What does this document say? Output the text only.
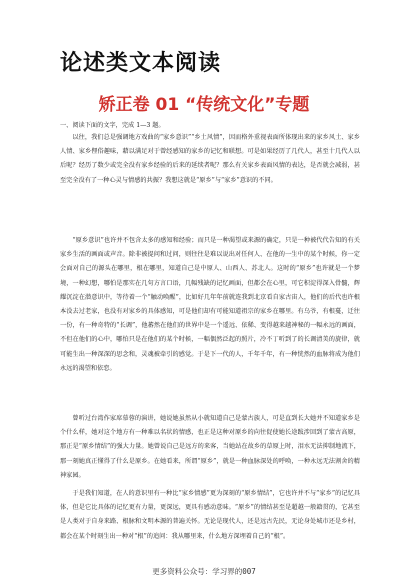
论述类文本阅读
矫正卷 01 “传统文化”专题
一、阅读下面的文字，完成 1—3 题。

以往，我们总是强调地方戏曲的“家乡意识”“乡土风情”，因而格外重视表面所体现出来的家乡风土、家乡人情、家乡俚俗趣味，藉以满足对于曾经感知的家乡的记忆和联想。可是如果经历了几代人，甚至十几代人以后呢？经历了数少或完全没有家乡经验的后来的延续者呢？那么有关家乡表面风情的表达，是否就会减弱，甚至完全没有了一种心灵与情感的共振？我想这就是“原乡”与“家乡”意识的不同。

“原乡意识”也许并不包含太多的感知和经验；而只是一种渴望或来源的确定，只是一种被代代告知的有关家乡生活的画面或声音。除非被提问和过问，则往往是难以说出对任何人、在他的一生中的某个时候，你一定会面对自己的源头在哪里，根在哪里，知道自己是中原人、山西人、苏北人。这时的“原乡”也许就是一个梦境，一种幻想，哪怕是那实在几句方言口语，几幅残缺的记忆画面，但都会在心里，可它积淀得深入骨髓，辉耀沉淀在潜意识中，等待着一个“触动唤醒”，比如好几年年前就连我到北京看自家古宙人，他们的后代也许根本没去过老家，也没有对家乡的具体感知，可是他们却有可能知道祖宗的家乡在哪里。有乌爷，有根蔓，迁往一份，有一种奇特的“长调”，他蕃然在他们的世界中是一个遥远、依稀、变得越来越神秘的一幅永远的画面，不但在他们的心中，哪怕只是在他们的某个时候，一幅偶然泛起的照片，冷不丁听到了的长调清美的旋律，就可能生出一种深深的思念和，灵魂被牵引的感觉。于是下一代的人，千年千年，有一种恍然的血脉将成为他们永远的渴望和依恋。

曾听过台湾作家席慕蓉的演讲，她说她虽然从小就知道自己是蒙古族人，可是直到长大她并不知道家乡是个什么样，她对这个地方有一种难以名状的情感，也正是这种对原乡的向往促使她长途跋涉回到了蒙古高原，那正是“原乡情结”的强大力量。她曾说自己是远方的来客，当她站在故乡的草原上时，泪水无法抑制地流下，那一刻她真正懂得了什么是原乡。在她看来，所谓“原乡”，就是一种血脉深处的呼唤，一种永远无法割舍的精神家园。

于是我们知道，在人的意识里有一种比“家乡情感”更为深刻的“原乡情结”，它也许并不与“家乡”的记忆具体，但是它比具体的记忆更有力量，更深远，更具有感动意味。“原乡”的情结甚至是超越一般籍贯的，它甚至是人类对于自身来路、根脉和文明本源的普遍关怀。无论是现代人，还是远古先民，无论身处城市还是乡村，都会在某个时刻生出一种对“根”的追问：我从哪里来，什么地方深埋着自己的“根”。

更多资料公众号：学习界的007
